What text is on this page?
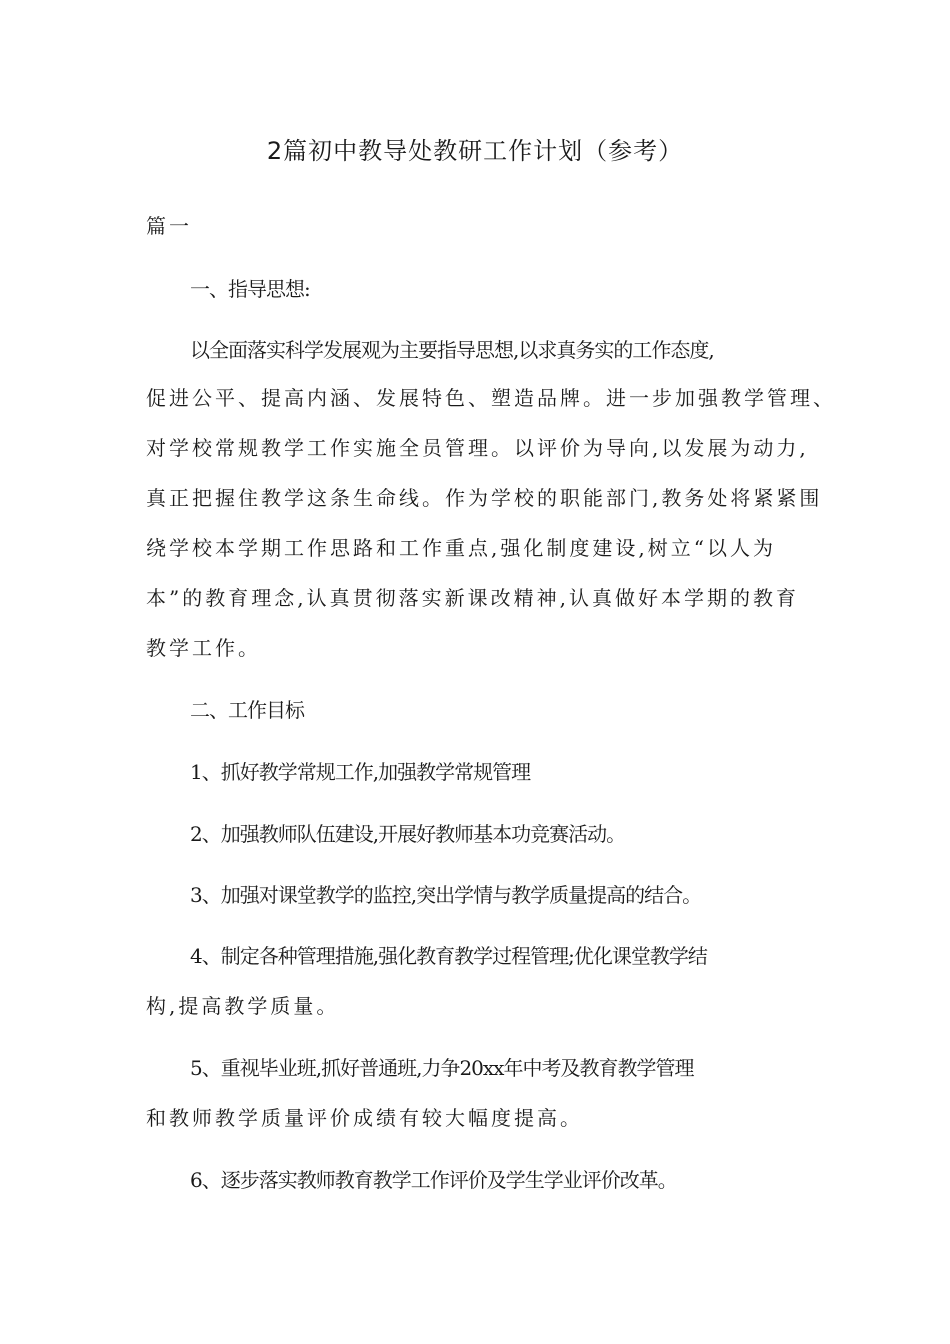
2篇初中教导处教研工作计划（参考）
篇一
一、指导思想:
以全面落实科学发展观为主要指导思想,以求真务实的工作态度,
促进公平、提高内涵、发展特色、塑造品牌。进一步加强教学管理、
对学校常规教学工作实施全员管理。以评价为导向,以发展为动力,
真正把握住教学这条生命线。作为学校的职能部门,教务处将紧紧围
绕学校本学期工作思路和工作重点,强化制度建设,树立“以人为
本”的教育理念,认真贯彻落实新课改精神,认真做好本学期的教育
教学工作。
二、工作目标
1、抓好教学常规工作,加强教学常规管理
2、加强教师队伍建设,开展好教师基本功竞赛活动。
3、加强对课堂教学的监控,突出学情与教学质量提高的结合。
4、制定各种管理措施,强化教育教学过程管理;优化课堂教学结
构,提高教学质量。
5、重视毕业班,抓好普通班,力争20xx年中考及教育教学管理
和教师教学质量评价成绩有较大幅度提高。
6、逐步落实教师教育教学工作评价及学生学业评价改革。
